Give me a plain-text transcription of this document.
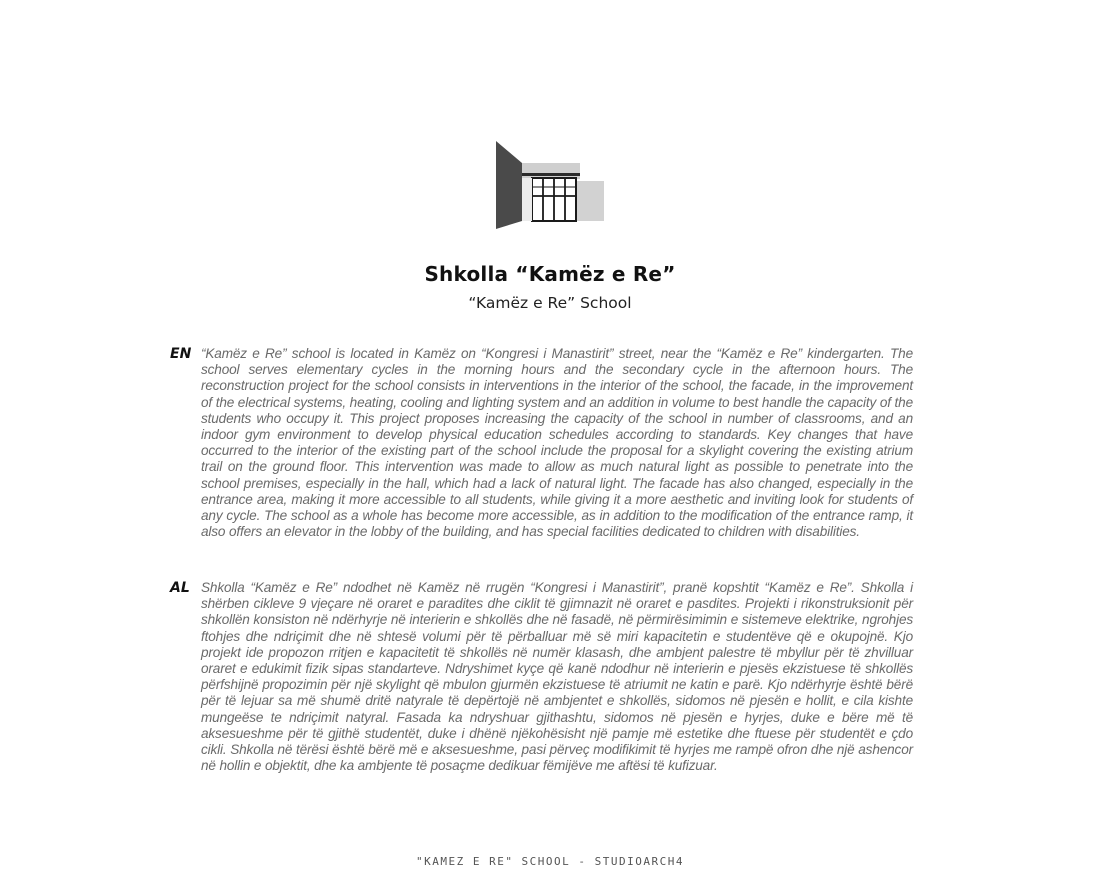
Shkolla “Kamëz e Re”
“Kamëz e Re” School
EN “Kamëz e Re” school is located in Kamëz on “Kongresi i Manastirit” street, near the “Kamëz e Re” kindergarten. The school serves elementary cycles in the morning hours and the secondary cycle in the afternoon hours. The reconstruction project for the school consists in interventions in the interior of the school, the facade, in the improvement of the electrical systems, heating, cooling and lighting system and an addition in volume to best handle the capacity of the students who occupy it. This project proposes increasing the capacity of the school in number of classrooms, and an indoor gym environment to develop physical education schedules according to standards. Key changes that have occurred to the interior of the existing part of the school include the proposal for a skylight covering the existing atrium trail on the ground floor. This intervention was made to allow as much natural light as possible to penetrate into the school premises, especially in the hall, which had a lack of natural light. The facade has also changed, especially in the entrance area, making it more accessible to all students, while giving it a more aesthetic and inviting look for students of any cycle. The school as a whole has become more accessible, as in addition to the modification of the entrance ramp, it also offers an elevator in the lobby of the building, and has special facilities dedicated to children with disabilities.
AL Shkolla “Kamëz e Re” ndodhet në Kamëz në rrugën “Kongresi i Manastirit”, pranë kopshtit “Kamëz e Re”. Shkolla i shërben cikleve 9 vjeçare në oraret e paradites dhe ciklit të gjimnazit në oraret e pasdites. Projekti i rikonstruksionit për shkollën konsiston në ndërhyrje në interierin e shkollës dhe në fasadë, në përmirësimimin e sistemeve elektrike, ngrohjes ftohjes dhe ndriçimit dhe në shtesë volumi për të përballuar më së miri kapacitetin e studentëve që e okupojnë. Kjo projekt ide propozon rritjen e kapacitetit të shkollës në numër klasash, dhe ambjent palestre të mbyllur për të zhvilluar oraret e edukimit fizik sipas standarteve. Ndryshimet kyçe që kanë ndodhur në interierin e pjesës ekzistuese të shkollës përfshijnë propozimin për një skylight që mbulon gjurmën ekzistuese të atriumit ne katin e parë. Kjo ndërhyrje është bërë për të lejuar sa më shumë dritë natyrale të depërtojë në ambjentet e shkollës, sidomos në pjesën e hollit, e cila kishte mungeëse te ndriçimit natyral. Fasada ka ndryshuar gjithashtu, sidomos në pjesën e hyrjes, duke e bëre më të aksesueshme për të gjithë studentët, duke i dhënë njëkohësisht një pamje më estetike dhe ftuese për studentët e çdo cikli. Shkolla në tërësi është bërë më e aksesueshme, pasi përveç modifikimit të hyrjes me rampë ofron dhe një ashencor në hollin e objektit, dhe ka ambjente të posaçme dedikuar fëmijëve me aftësi të kufizuar.
"KAMEZ E RE" SCHOOL - STUDIOARCH4
